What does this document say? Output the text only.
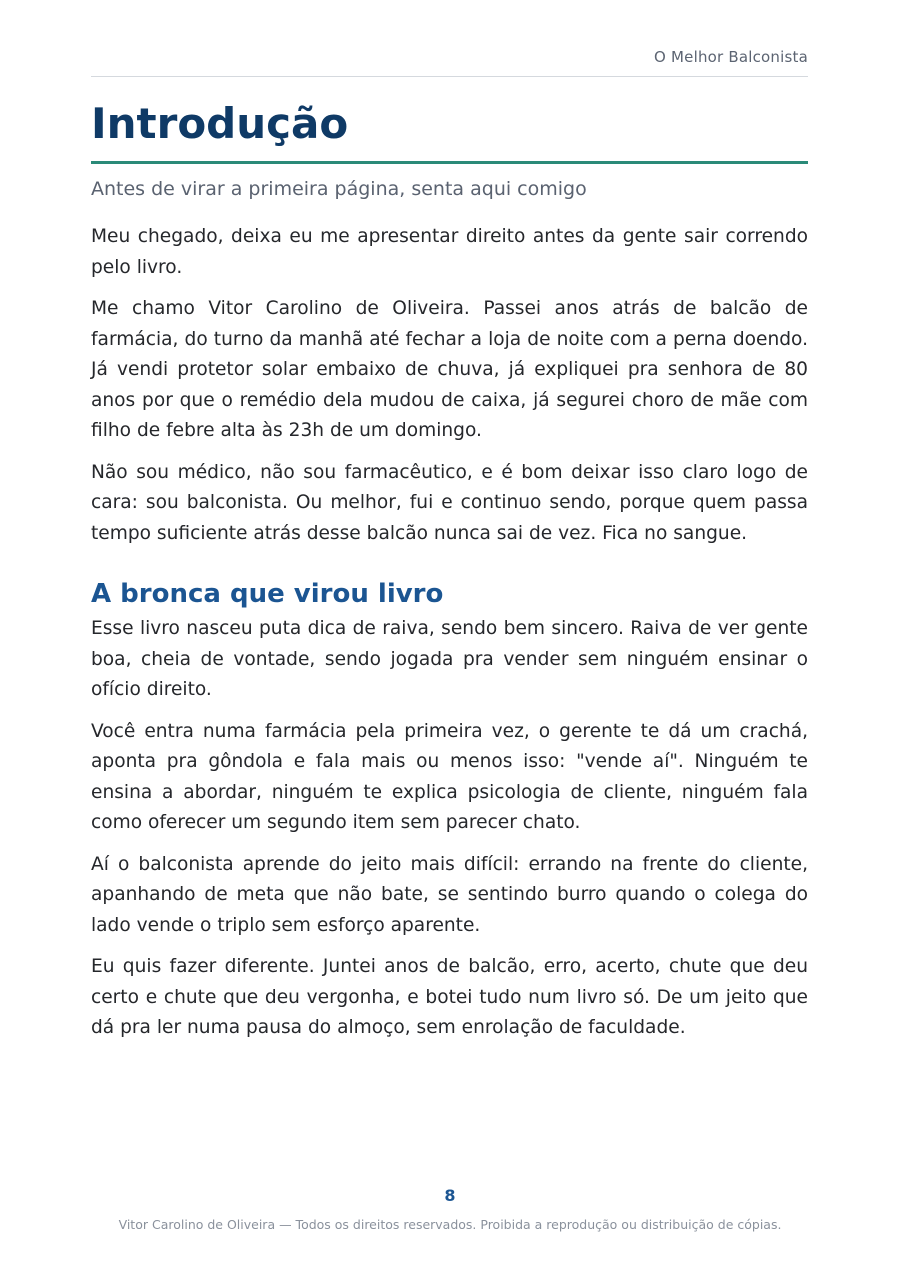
O Melhor Balconista
Introdução

Antes de virar a primeira página, senta aqui comigo

Meu chegado, deixa eu me apresentar direito antes da gente sair correndo pelo livro.

Me chamo Vitor Carolino de Oliveira. Passei anos atrás de balcão de farmácia, do turno da manhã até fechar a loja de noite com a perna doendo. Já vendi protetor solar embaixo de chuva, já expliquei pra senhora de 80 anos por que o remédio dela mudou de caixa, já segurei choro de mãe com filho de febre alta às 23h de um domingo.

Não sou médico, não sou farmacêutico, e é bom deixar isso claro logo de cara: sou balconista. Ou melhor, fui e continuo sendo, porque quem passa tempo suficiente atrás desse balcão nunca sai de vez. Fica no sangue.

A bronca que virou livro

Esse livro nasceu puta dica de raiva, sendo bem sincero. Raiva de ver gente boa, cheia de vontade, sendo jogada pra vender sem ninguém ensinar o ofício direito.

Você entra numa farmácia pela primeira vez, o gerente te dá um crachá, aponta pra gôndola e fala mais ou menos isso: "vende aí". Ninguém te ensina a abordar, ninguém te explica psicologia de cliente, ninguém fala como oferecer um segundo item sem parecer chato.

Aí o balconista aprende do jeito mais difícil: errando na frente do cliente, apanhando de meta que não bate, se sentindo burro quando o colega do lado vende o triplo sem esforço aparente.

Eu quis fazer diferente. Juntei anos de balcão, erro, acerto, chute que deu certo e chute que deu vergonha, e botei tudo num livro só. De um jeito que dá pra ler numa pausa do almoço, sem enrolação de faculdade.

8
Vitor Carolino de Oliveira — Todos os direitos reservados. Proibida a reprodução ou distribuição de cópias.
